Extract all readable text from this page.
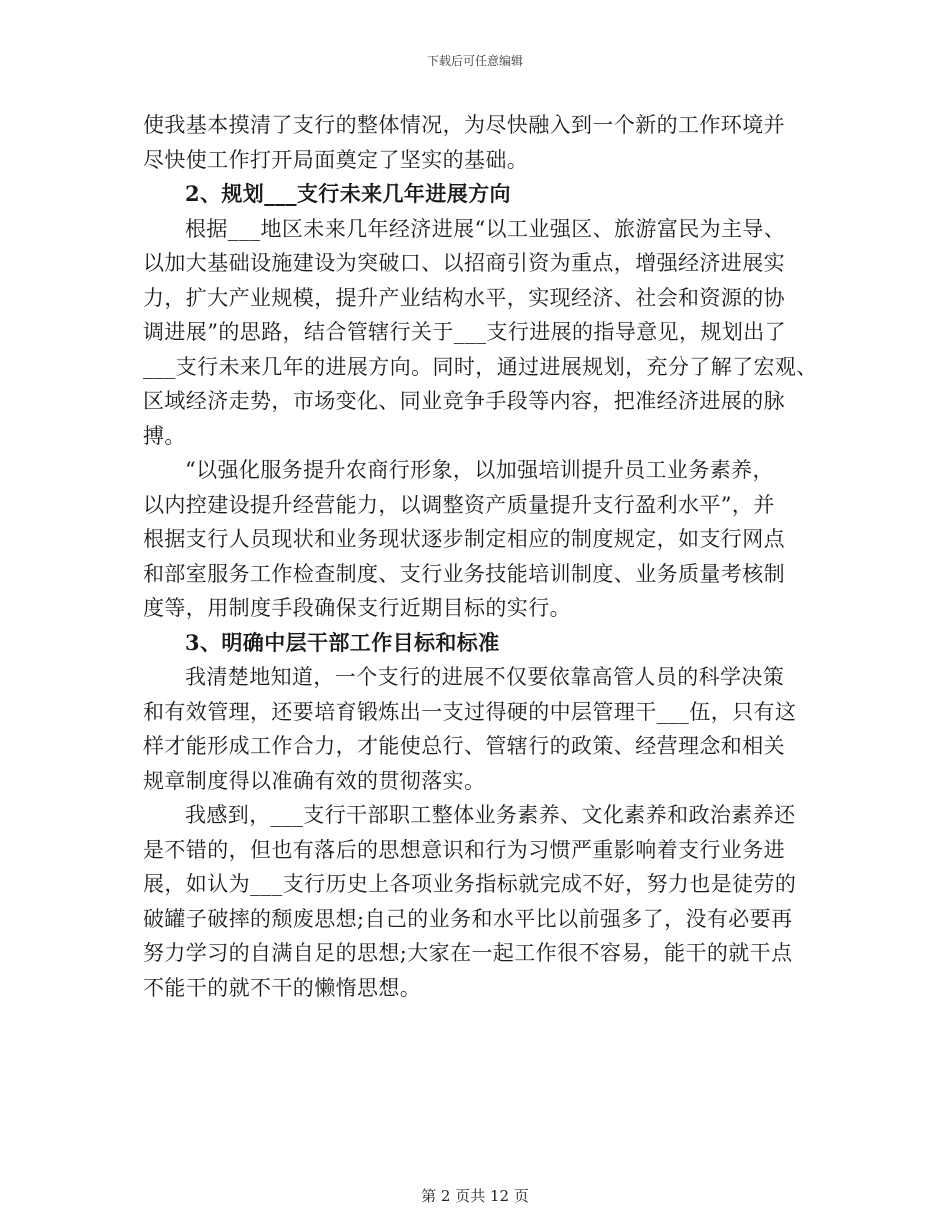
下载后可任意编辑
使我基本摸清了支行的整体情况，为尽快融入到一个新的工作环境并
尽快使工作打开局面奠定了坚实的基础。
2、规划___支行未来几年进展方向
根据___地区未来几年经济进展“以工业强区、旅游富民为主导、
以加大基础设施建设为突破口、以招商引资为重点，增强经济进展实
力，扩大产业规模，提升产业结构水平，实现经济、社会和资源的协
调进展”的思路，结合管辖行关于___支行进展的指导意见，规划出了
___支行未来几年的进展方向。同时，通过进展规划，充分了解了宏观、
区域经济走势，市场变化、同业竞争手段等内容，把准经济进展的脉
搏。
“以强化服务提升农商行形象，以加强培训提升员工业务素养，
以内控建设提升经营能力，以调整资产质量提升支行盈利水平”，并
根据支行人员现状和业务现状逐步制定相应的制度规定，如支行网点
和部室服务工作检查制度、支行业务技能培训制度、业务质量考核制
度等，用制度手段确保支行近期目标的实行。
3、明确中层干部工作目标和标准
我清楚地知道，一个支行的进展不仅要依靠高管人员的科学决策
和有效管理，还要培育锻炼出一支过得硬的中层管理干___伍，只有这
样才能形成工作合力，才能使总行、管辖行的政策、经营理念和相关
规章制度得以准确有效的贯彻落实。
我感到，___支行干部职工整体业务素养、文化素养和政治素养还
是不错的，但也有落后的思想意识和行为习惯严重影响着支行业务进
展，如认为___支行历史上各项业务指标就完成不好，努力也是徒劳的
破罐子破摔的颓废思想;自己的业务和水平比以前强多了，没有必要再
努力学习的自满自足的思想;大家在一起工作很不容易，能干的就干点
不能干的就不干的懒惰思想。
第 2 页共 12 页
